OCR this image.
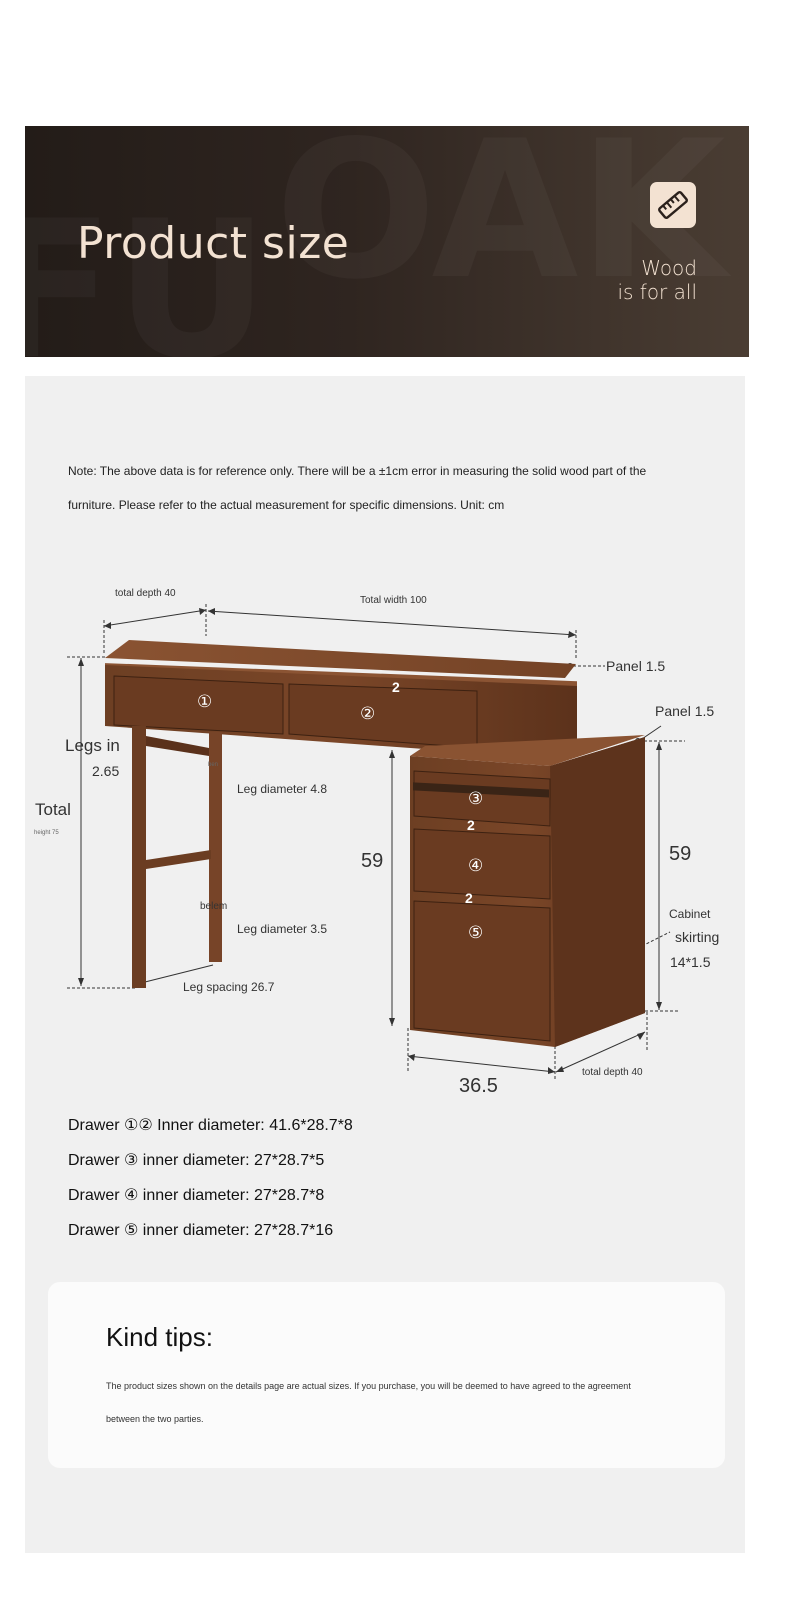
Product size	Wood
is for all
Note: The above data is for reference only. There will be a ±1cm error in measuring the solid wood part of the
furniture. Please refer to the actual measurement for specific dimensions. Unit: cm
total depth 40
Total width 100
Panel 1.5
Panel 1.5
Legs in
2.65	ben
Leg diameter 4.8
Total
height 75
59	59
belem
Leg diameter 3.5
Leg spacing 26.7
Cabinet
skirting
14*1.5
36.5
total depth 40
2
2
2
①
②
③
④
⑤
Drawer ①② Inner diameter: 41.6*28.7*8
Drawer ③ inner diameter: 27*28.7*5
Drawer ④ inner diameter: 27*28.7*8
Drawer ⑤ inner diameter: 27*28.7*16
Kind tips:
The product sizes shown on the details page are actual sizes. If you purchase, you will be deemed to have agreed to the agreement
between the two parties.
